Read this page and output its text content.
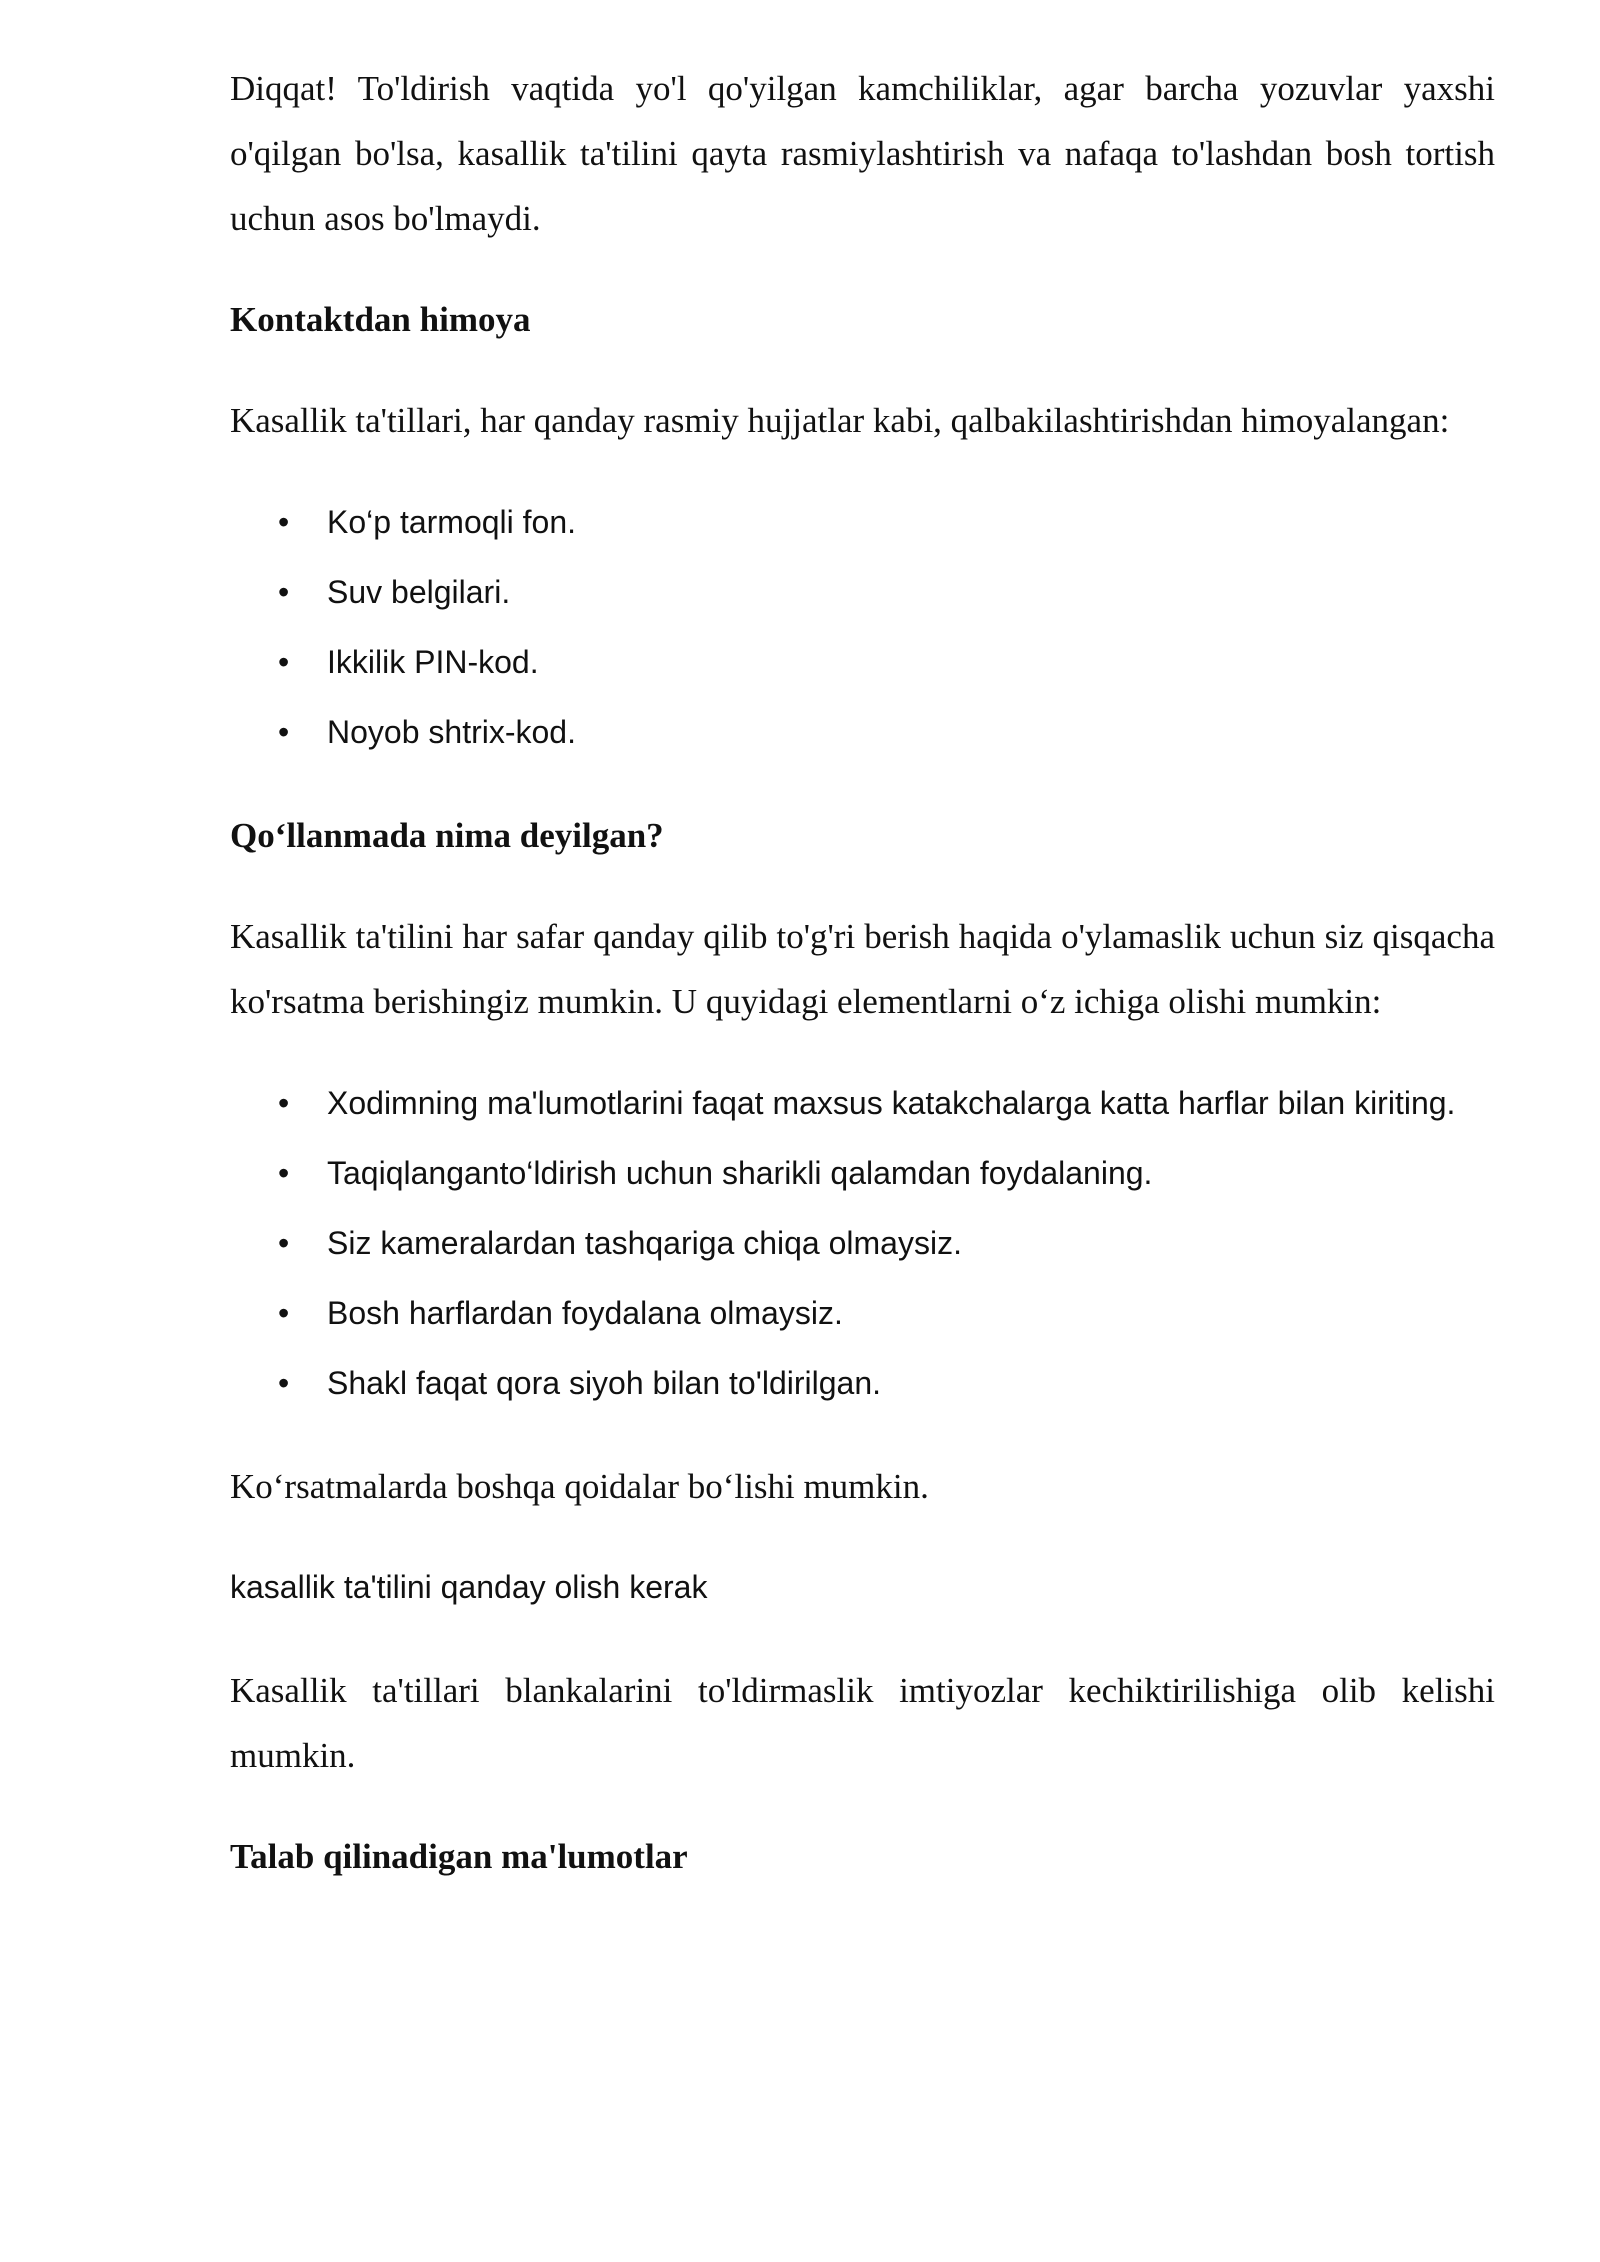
Diqqat! To'ldirish vaqtida yo'l qo'yilgan kamchiliklar, agar barcha yozuvlar yaxshi o'qilgan bo'lsa, kasallik ta'tilini qayta rasmiylashtirish va nafaqa to'lashdan bosh tortish uchun asos bo'lmaydi.

Kontaktdan himoya

Kasallik ta'tillari, har qanday rasmiy hujjatlar kabi, qalbakilashtirishdan himoyalangan:

• Ko‘p tarmoqli fon.
• Suv belgilari.
• Ikkilik PIN-kod.
• Noyob shtrix-kod.
Qo‘llanmada nima deyilgan?

Kasallik ta'tilini har safar qanday qilib to'g'ri berish haqida o'ylamaslik uchun siz qisqacha ko'rsatma berishingiz mumkin. U quyidagi elementlarni o‘z ichiga olishi mumkin:

• Xodimning ma'lumotlarini faqat maxsus katakchalarga katta harflar bilan kiriting.
• Taqiqlanganto‘ldirish uchun sharikli qalamdan foydalaning.
• Siz kameralardan tashqariga chiqa olmaysiz.
• Bosh harflardan foydalana olmaysiz.
• Shakl faqat qora siyoh bilan to'ldirilgan.

Ko‘rsatmalarda boshqa qoidalar bo‘lishi mumkin.

kasallik ta'tilini qanday olish kerak

Kasallik ta'tillari blankalarini to'ldirmaslik imtiyozlar kechiktirilishiga olib kelishi mumkin.

Talab qilinadigan ma'lumotlar
